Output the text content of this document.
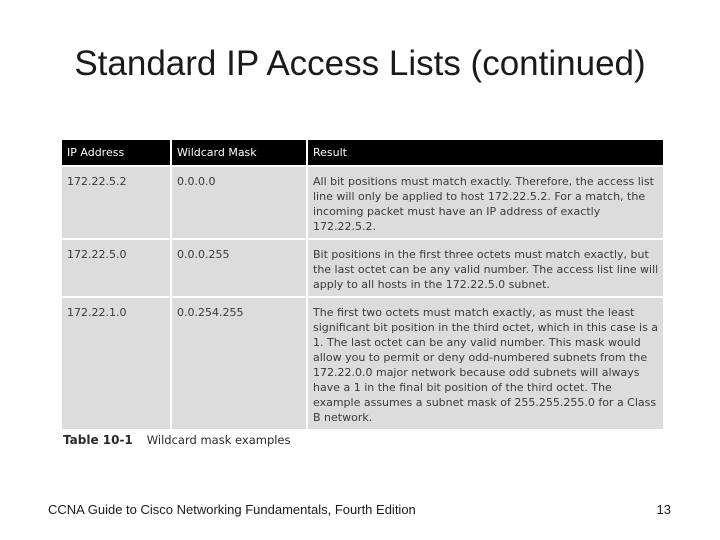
Standard IP Access Lists (continued)
IP Address	Wildcard Mask	Result
172.22.5.2	0.0.0.0	All bit positions must match exactly. Therefore, the access list line will only be applied to host 172.22.5.2. For a match, the incoming packet must have an IP address of exactly 172.22.5.2.
172.22.5.0	0.0.0.255	Bit positions in the first three octets must match exactly, but the last octet can be any valid number. The access list line will apply to all hosts in the 172.22.5.0 subnet.
172.22.1.0	0.0.254.255	The first two octets must match exactly, as must the least significant bit position in the third octet, which in this case is a 1. The last octet can be any valid number. This mask would allow you to permit or deny odd-numbered subnets from the 172.22.0.0 major network because odd subnets will always have a 1 in the final bit position of the third octet. The example assumes a subnet mask of 255.255.255.0 for a Class B network.
Table 10-1 Wildcard mask examples
CCNA Guide to Cisco Networking Fundamentals, Fourth Edition	13
